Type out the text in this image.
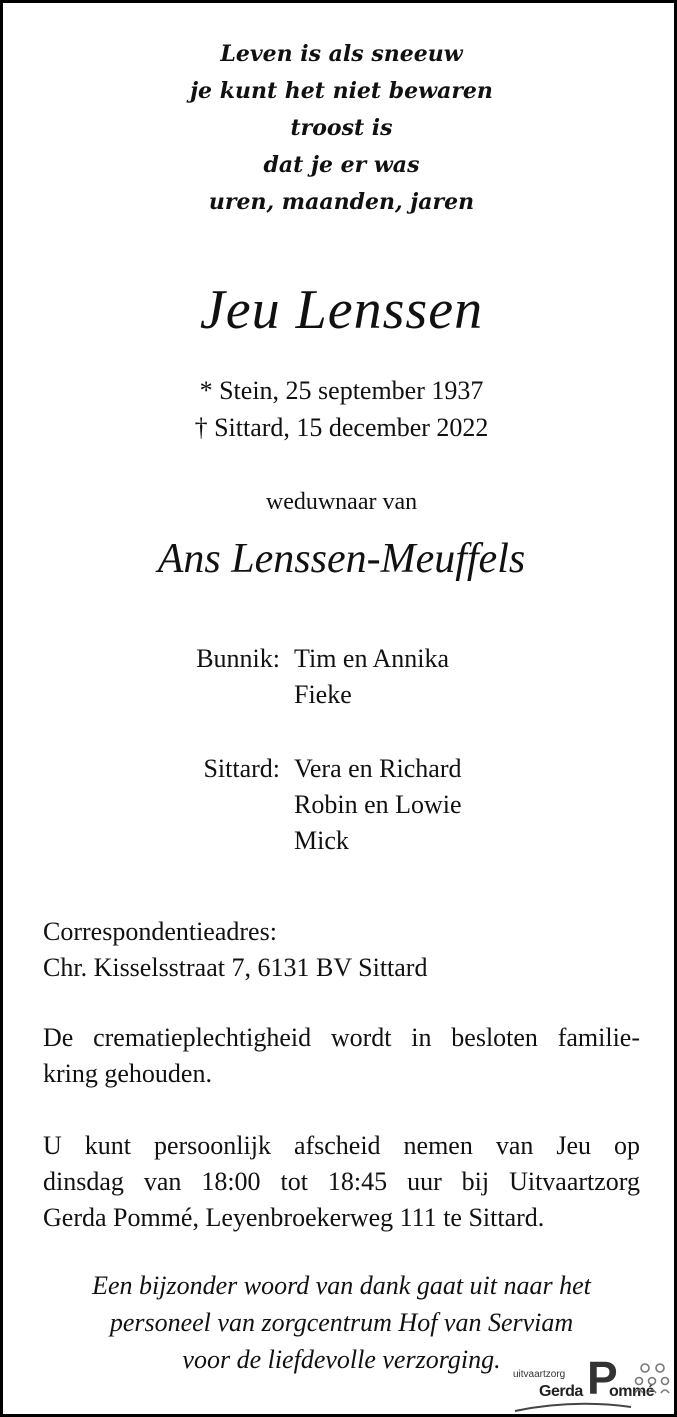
Leven is als sneeuw
je kunt het niet bewaren
troost is
dat je er was
uren, maanden, jaren
Jeu Lenssen
* Stein, 25 september 1937
† Sittard, 15 december 2022
weduwnaar van
Ans Lenssen-Meuffels
Bunnik: Tim en Annika
Fieke
Sittard: Vera en Richard
Robin en Lowie
Mick
Correspondentieadres:
Chr. Kisselsstraat 7, 6131 BV Sittard
De crematieplechtigheid wordt in besloten familie-
kring gehouden.
U kunt persoonlijk afscheid nemen van Jeu op
dinsdag van 18:00 tot 18:45 uur bij Uitvaartzorg
Gerda Pommé, Leyenbroekerweg 111 te Sittard.
Een bijzonder woord van dank gaat uit naar het
personeel van zorgcentrum Hof van Serviam
voor de liefdevolle verzorging.
uitvaartzorg
Gerda P
ommé
